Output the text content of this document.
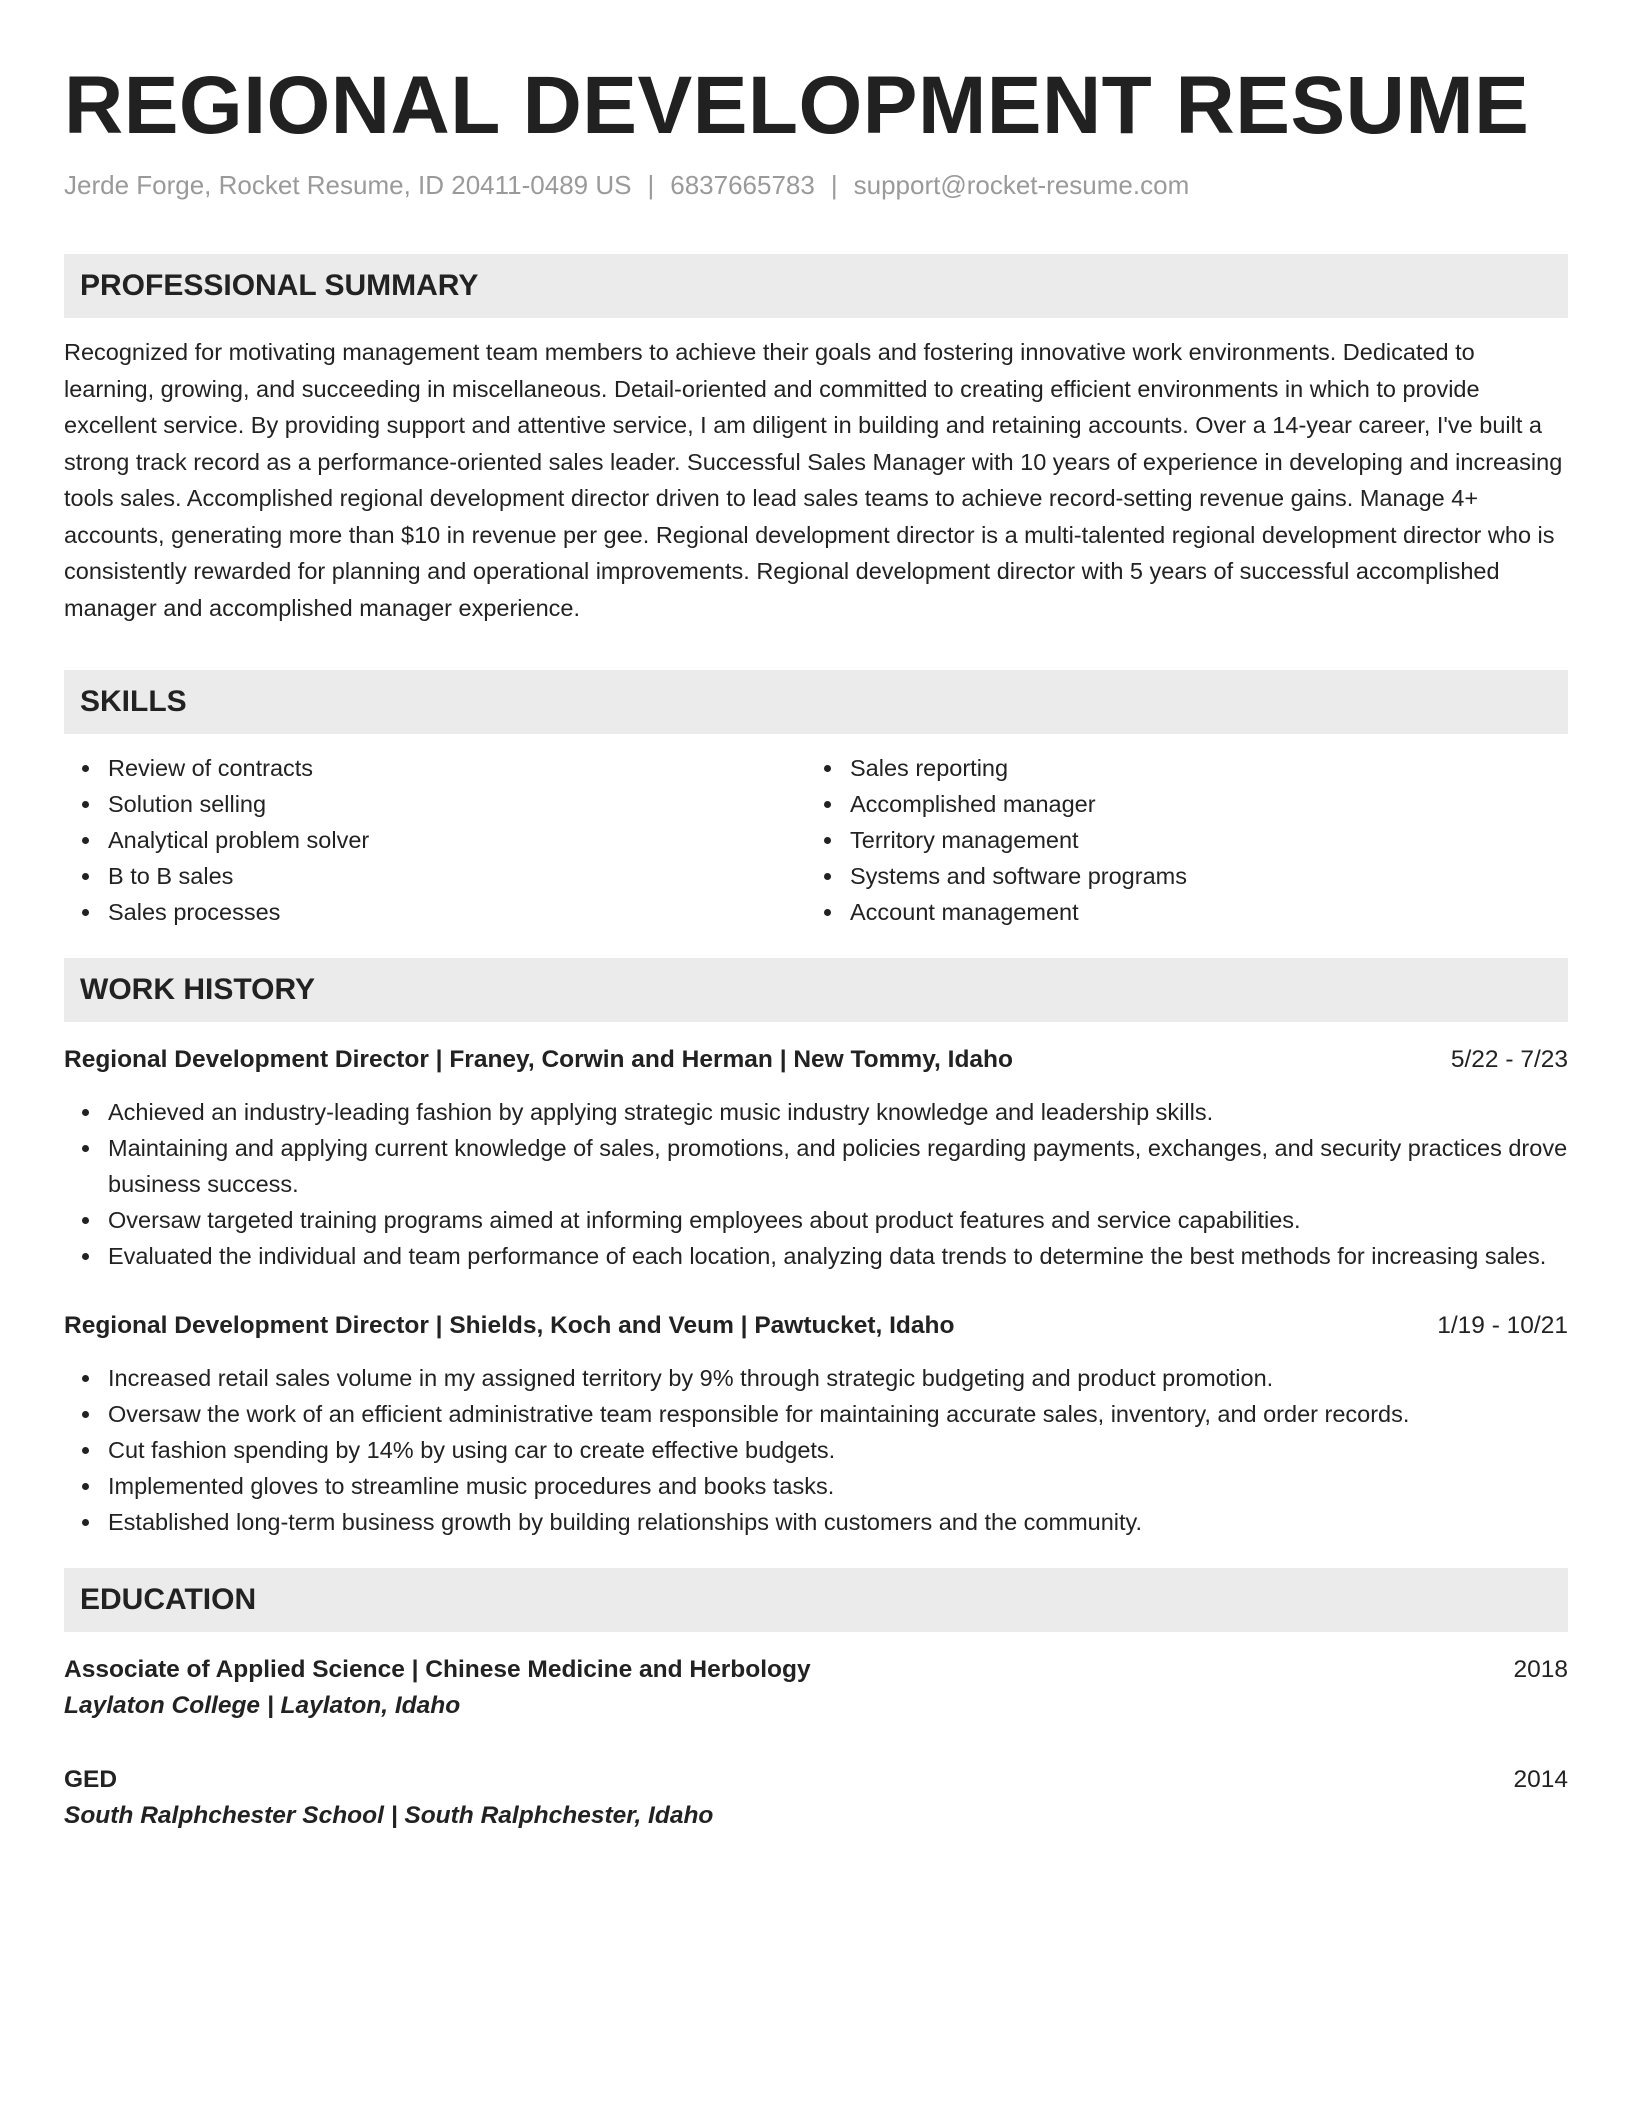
REGIONAL DEVELOPMENT RESUME
Jerde Forge, Rocket Resume, ID 20411-0489 US | 6837665783 | support@rocket-resume.com
PROFESSIONAL SUMMARY
Recognized for motivating management team members to achieve their goals and fostering innovative work environments. Dedicated to learning, growing, and succeeding in miscellaneous. Detail-oriented and committed to creating efficient environments in which to provide excellent service. By providing support and attentive service, I am diligent in building and retaining accounts. Over a 14-year career, I've built a strong track record as a performance-oriented sales leader. Successful Sales Manager with 10 years of experience in developing and increasing tools sales. Accomplished regional development director driven to lead sales teams to achieve record-setting revenue gains. Manage 4+ accounts, generating more than $10 in revenue per gee. Regional development director is a multi-talented regional development director who is consistently rewarded for planning and operational improvements. Regional development director with 5 years of successful accomplished manager and accomplished manager experience.
SKILLS
Review of contracts
Solution selling
Analytical problem solver
B to B sales
Sales processes
Sales reporting
Accomplished manager
Territory management
Systems and software programs
Account management
WORK HISTORY
Regional Development Director | Franey, Corwin and Herman | New Tommy, Idaho	5/22 - 7/23
Achieved an industry-leading fashion by applying strategic music industry knowledge and leadership skills.
Maintaining and applying current knowledge of sales, promotions, and policies regarding payments, exchanges, and security practices drove business success.
Oversaw targeted training programs aimed at informing employees about product features and service capabilities.
Evaluated the individual and team performance of each location, analyzing data trends to determine the best methods for increasing sales.
Regional Development Director | Shields, Koch and Veum | Pawtucket, Idaho	1/19 - 10/21
Increased retail sales volume in my assigned territory by 9% through strategic budgeting and product promotion.
Oversaw the work of an efficient administrative team responsible for maintaining accurate sales, inventory, and order records.
Cut fashion spending by 14% by using car to create effective budgets.
Implemented gloves to streamline music procedures and books tasks.
Established long-term business growth by building relationships with customers and the community.
EDUCATION
Associate of Applied Science | Chinese Medicine and Herbology	2018
Laylaton College | Laylaton, Idaho
GED	2014
South Ralphchester School | South Ralphchester, Idaho
